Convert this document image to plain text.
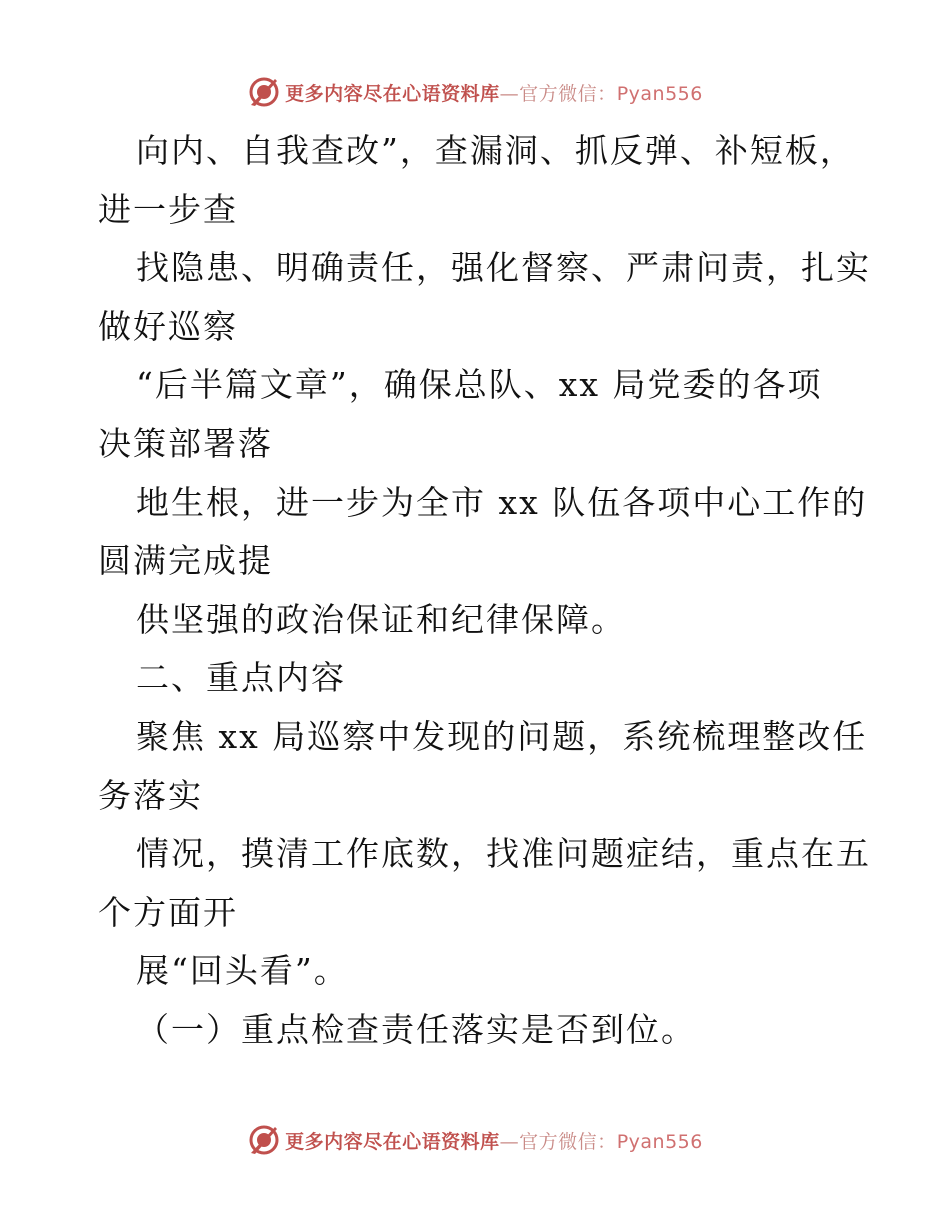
更多内容尽在心语资料库—官方微信：Pyan556
向内、自我查改”，查漏洞、抓反弹、补短板，
进一步查
找隐患、明确责任，强化督察、严肃问责，扎实
做好巡察
“后半篇文章”，确保总队、xx 局党委的各项
决策部署落
地生根，进一步为全市 xx 队伍各项中心工作的
圆满完成提
供坚强的政治保证和纪律保障。
二、重点内容
聚焦 xx 局巡察中发现的问题，系统梳理整改任
务落实
情况，摸清工作底数，找准问题症结，重点在五
个方面开
展“回头看”。
（一）重点检查责任落实是否到位。
更多内容尽在心语资料库—官方微信：Pyan556
